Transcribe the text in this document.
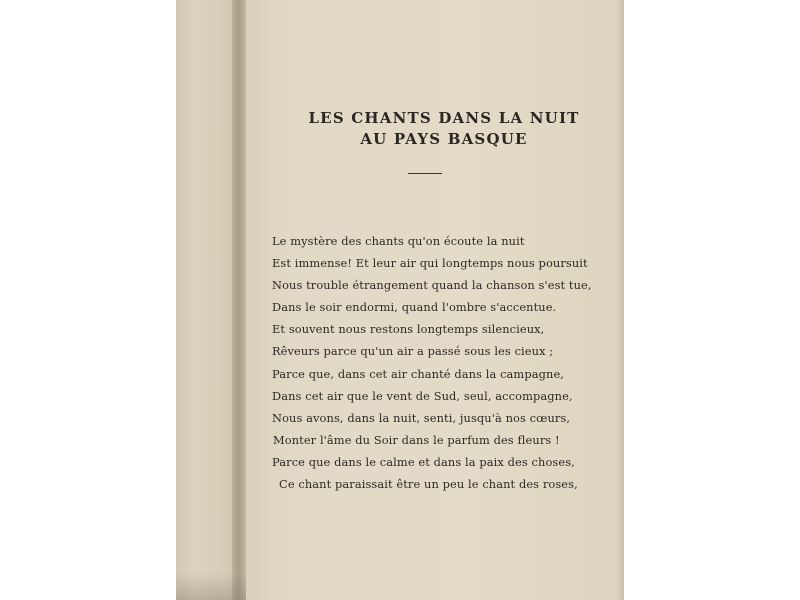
LES CHANTS DANS LA NUIT
AU PAYS BASQUE
Le mystère des chants qu'on écoute la nuit
Est immense! Et leur air qui longtemps nous poursuit
Nous trouble étrangement quand la chanson s'est tue,
Dans le soir endormi, quand l'ombre s'accentue.
Et souvent nous restons longtemps silencieux,
Rêveurs parce qu'un air a passé sous les cieux ;
Parce que, dans cet air chanté dans la campagne,
Dans cet air que le vent de Sud, seul, accompagne,
Nous avons, dans la nuit, senti, jusqu'à nos cœurs,
Monter l'âme du Soir dans le parfum des fleurs !
Parce que dans le calme et dans la paix des choses,
Ce chant paraissait être un peu le chant des roses,
